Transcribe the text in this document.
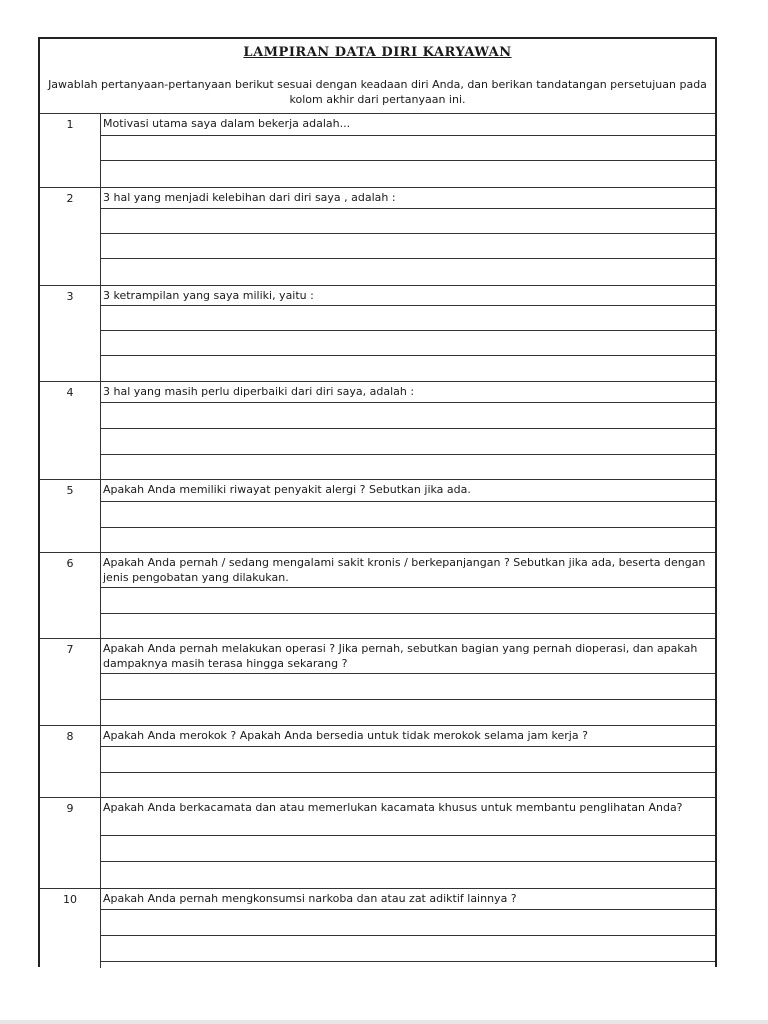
LAMPIRAN DATA DIRI KARYAWAN
Jawablah pertanyaan-pertanyaan berikut sesuai dengan keadaan diri Anda, dan berikan tandatangan persetujuan pada kolom akhir dari pertanyaan ini.
1	Motivasi utama saya dalam bekerja adalah...
2	3 hal yang menjadi kelebihan dari diri saya , adalah :
3	3 ketrampilan yang saya miliki, yaitu :
4	3 hal yang masih perlu diperbaiki dari diri saya, adalah :
5	Apakah Anda memiliki riwayat penyakit alergi ? Sebutkan jika ada.
6	Apakah Anda pernah / sedang mengalami sakit kronis / berkepanjangan ? Sebutkan jika ada, beserta dengan jenis pengobatan yang dilakukan.
7	Apakah Anda pernah melakukan operasi ? Jika pernah, sebutkan bagian yang pernah dioperasi, dan apakah dampaknya masih terasa hingga sekarang ?
8	Apakah Anda merokok ? Apakah Anda bersedia untuk tidak merokok selama jam kerja ?
9	Apakah Anda berkacamata dan atau memerlukan kacamata khusus untuk membantu penglihatan Anda?
10	Apakah Anda pernah mengkonsumsi narkoba dan atau zat adiktif lainnya ?
